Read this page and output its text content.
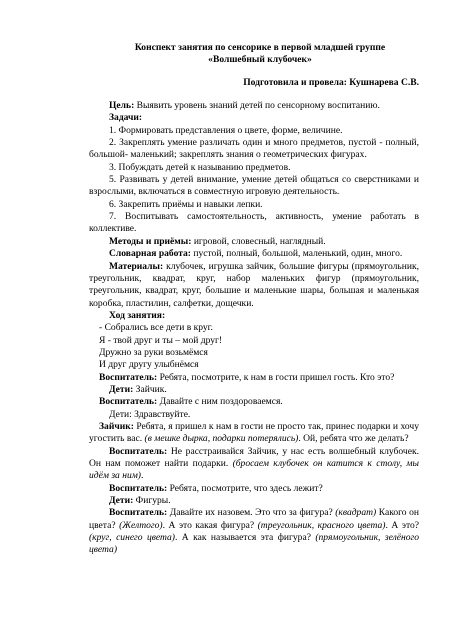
Конспект занятия по сенсорике в первой младшей группе
«Волшебный клубочек»
Подготовила и провела: Кушнарева С.В.

Цель: Выявить уровень знаний детей по сенсорному воспитанию.

Задачи:

1. Формировать представления о цвете, форме, величине.

2. Закреплять умение различать один и много предметов, пустой - полный, большой- маленький; закреплять знания о геометрических фигурах.

3. Побуждать детей к называнию предметов.

5. Развивать у детей внимание, умение детей общаться со сверстниками и взрослыми, включаться в совместную игровую деятельность.

6. Закрепить приёмы и навыки лепки.

7. Воспитывать самостоятельность, активность, умение работать в коллективе.

Методы и приёмы: игровой, словесный, наглядный.

Словарная работа: пустой, полный, большой, маленький, один, много.

Материалы: клубочек, игрушка зайчик, большие фигуры (прямоугольник, треугольник, квадрат, круг, набор маленьких фигур (прямоугольник, треугольник, квадрат, круг, большие и маленькие шары, большая и маленькая коробка, пластилин, салфетки, дощечки.

Ход занятия:

- Собрались все дети в круг.

Я - твой друг и ты – мой друг!

Дружно за руки возьмёмся

И друг другу улыбнёмся

Воспитатель: Ребята, посмотрите, к нам в гости пришел гость. Кто это?

Дети: Зайчик.

Воспитатель: Давайте с ним поздороваемся.

Дети: Здравствуйте.

Зайчик: Ребята, я пришел к нам в гости не просто так, принес подарки и хочу угостить вас. (в мешке дырка, подарки потерялись). Ой, ребята что же делать?

Воспитатель: Не расстраивайся Зайчик, у нас есть волшебный клубочек. Он нам поможет найти подарки. (бросаем клубочек он катится к столу, мы идём за ним).

Воспитатель: Ребята, посмотрите, что здесь лежит?

Дети: Фигуры.

Воспитатель: Давайте их назовем. Это что за фигура? (квадрат) Какого он цвета? (Желтого). А это какая фигура? (треугольник, красного цвета). А это? (круг, синего цвета). А как называется эта фигура? (прямоугольник, зелёного цвета)
